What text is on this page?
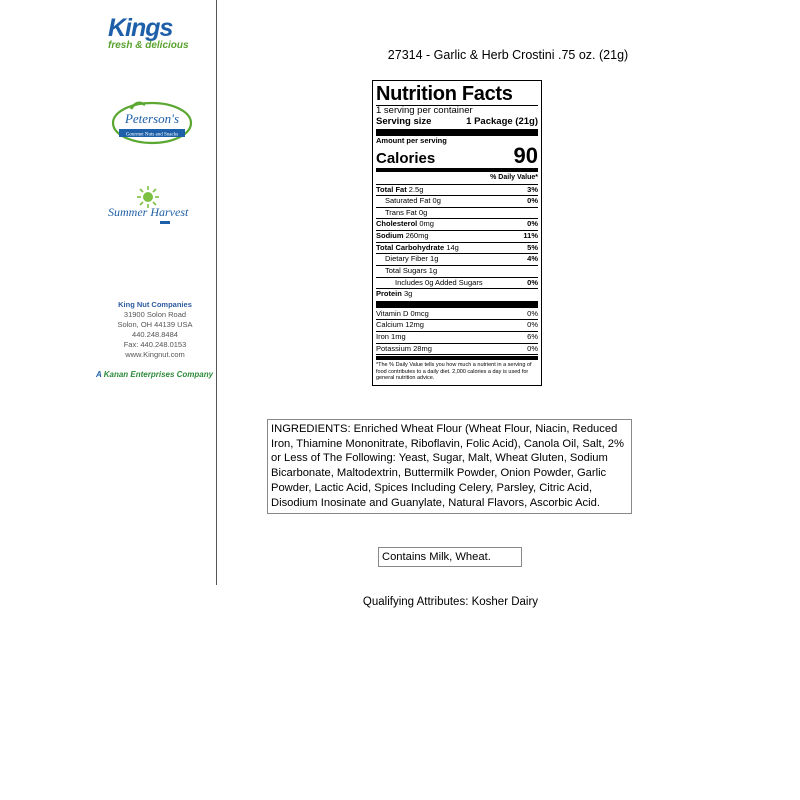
Kings
fresh & delicious
Peterson's
Gourmet Nuts and Snacks
Summer Harvest
King Nut Companies
31900 Solon Road
Solon, OH 44139 USA
440.248.8484
Fax: 440.248.0153
www.Kingnut.com
A Kanan Enterprises Company
27314 - Garlic & Herb Crostini .75 oz. (21g)
Nutrition Facts
1 serving per container
Serving size	1 Package (21g)
Amount per serving
Calories	90
% Daily Value*
Total Fat 2.5g	3%
Saturated Fat 0g	0%
Trans Fat 0g
Cholesterol 0mg	0%
Sodium 260mg	11%
Total Carbohydrate 14g	5%
Dietary Fiber 1g	4%
Total Sugars 1g
Includes 0g Added Sugars	0%
Protein 3g
Vitamin D 0mcg	0%
Calcium 12mg	0%
Iron 1mg	6%
Potassium 28mg	0%
*The % Daily Value tells you how much a nutrient in a serving of food contributes to a daily diet. 2,000 calories a day is used for general nutrition advice.
INGREDIENTS: Enriched Wheat Flour (Wheat Flour, Niacin, Reduced Iron, Thiamine Mononitrate, Riboflavin, Folic Acid), Canola Oil, Salt, 2% or Less of The Following: Yeast, Sugar, Malt, Wheat Gluten, Sodium Bicarbonate, Maltodextrin, Buttermilk Powder, Onion Powder, Garlic Powder, Lactic Acid, Spices Including Celery, Parsley, Citric Acid, Disodium Inosinate and Guanylate, Natural Flavors, Ascorbic Acid.
Contains Milk, Wheat.
Qualifying Attributes: Kosher Dairy
